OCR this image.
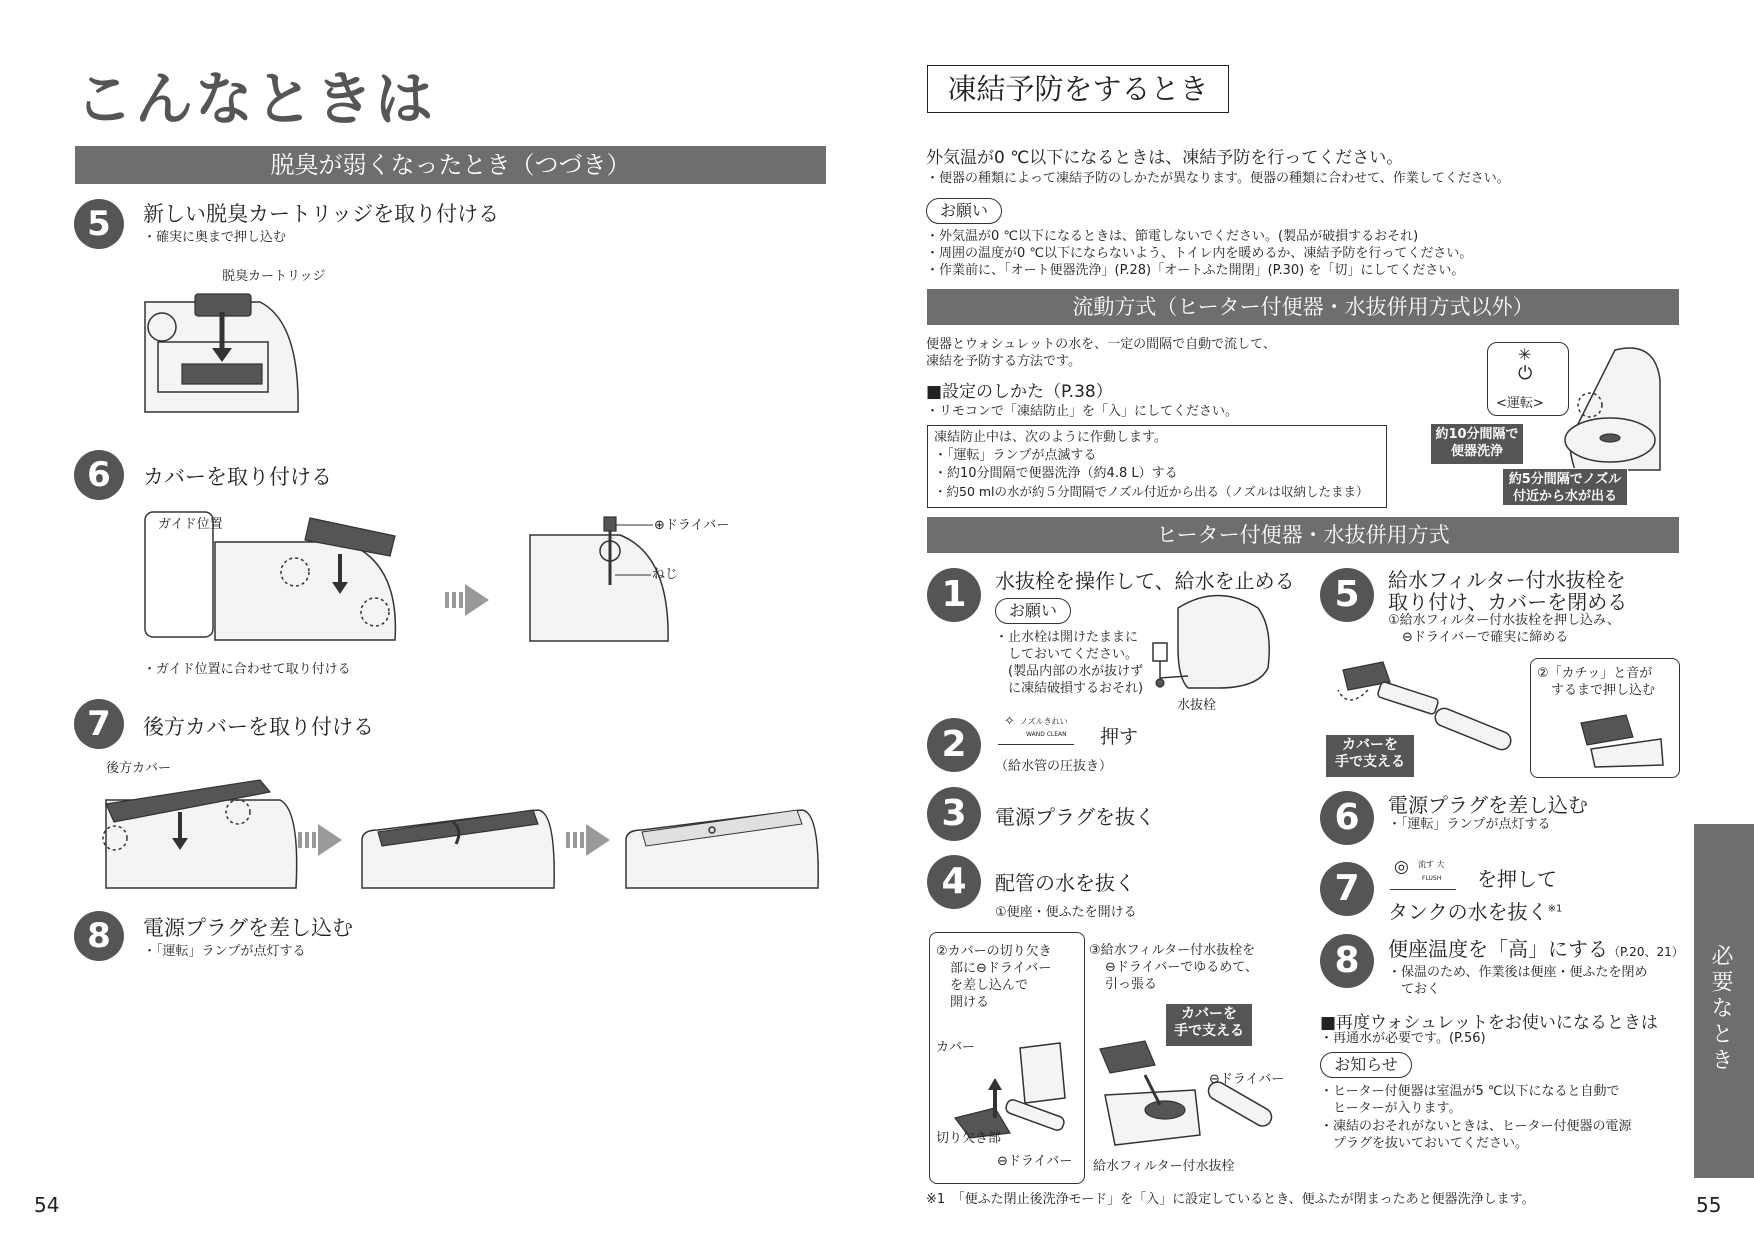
こんなときは
脱臭が弱くなったとき（つづき）
5	新しい脱臭カートリッジを取り付ける
・確実に奥まで押し込む
脱臭カートリッジ
6	カバーを取り付ける
ガイド位置	⊕ドライバー
ねじ
・ガイド位置に合わせて取り付ける
7	後方カバーを取り付ける
後方カバー
8	電源プラグを差し込む
・「運転」ランプが点灯する
54
凍結予防をするとき
外気温が0 ℃以下になるときは、凍結予防を行ってください。
・便器の種類によって凍結予防のしかたが異なります。便器の種類に合わせて、作業してください。
お願い
・外気温が0 ℃以下になるときは、節電しないでください。(製品が破損するおそれ)
・周囲の温度が0 ℃以下にならないよう、トイレ内を暖めるか、凍結予防を行ってください。
・作業前に、「オート便器洗浄」(P.28)「オートふた開閉」(P.30) を「切」にしてください。
流動方式（ヒーター付便器・水抜併用方式以外）
便器とウォシュレットの水を、一定の間隔で自動で流して、
凍結を予防する方法です。
■設定のしかた（P.38）
・リモコンで「凍結防止」を「入」にしてください。
凍結防止中は、次のように作動します。
・「運転」ランプが点滅する
・約10分間隔で便器洗浄（約4.8 L）する
・約50 mlの水が約５分間隔でノズル付近から出る（ノズルは収納したまま）
✳
⏻
<運転>
約10分間隔で
便器洗浄
約5分間隔でノズル
付近から水が出る
ヒーター付便器・水抜併用方式
1	水抜栓を操作して、給水を止める
お願い
・止水栓は開けたままに
　しておいてください。
　(製品内部の水が抜けず
　に凍結破損するおそれ)
水抜栓
2
✧ ノズルきれい
WAND CLEAN 押す
（給水管の圧抜き）
3	電源プラグを抜く
4	配管の水を抜く
①便座・便ふたを開ける
②カバーの切り欠き
部に⊖ドライバー
を差し込んで
開ける
カバー
切り欠き部
⊖ドライバー
③給水フィルター付水抜栓を
⊖ドライバーでゆるめて、
引っ張る
カバーを
手で支える
⊖ドライバー
給水フィルター付水抜栓
5	給水フィルター付水抜栓を
取り付け、カバーを閉める
①給水フィルター付水抜栓を押し込み、
⊖ドライバーで確実に締める
カバーを
手で支える
②「カチッ」と音が
するまで押し込む
6	電源プラグを差し込む
・「運転」ランプが点灯する
7
◎ 流す 大
FLUSH を押して
タンクの水を抜く$^{※1}$
8	便座温度を「高」にする（P.20、21）
・保温のため、作業後は便座・便ふたを閉め
　ておく
■再度ウォシュレットをお使いになるときは
・再通水が必要です。(P.56)
お知らせ
・ヒーター付便器は室温が5 ℃以下になると自動で
　ヒーターが入ります。
・凍結のおそれがないときは、ヒーター付便器の電源
　プラグを抜いておいてください。
※1　「便ふた閉止後洗浄モード」を「入」に設定しているとき、便ふたが閉まったあと便器洗浄します。
必要なとき
55
